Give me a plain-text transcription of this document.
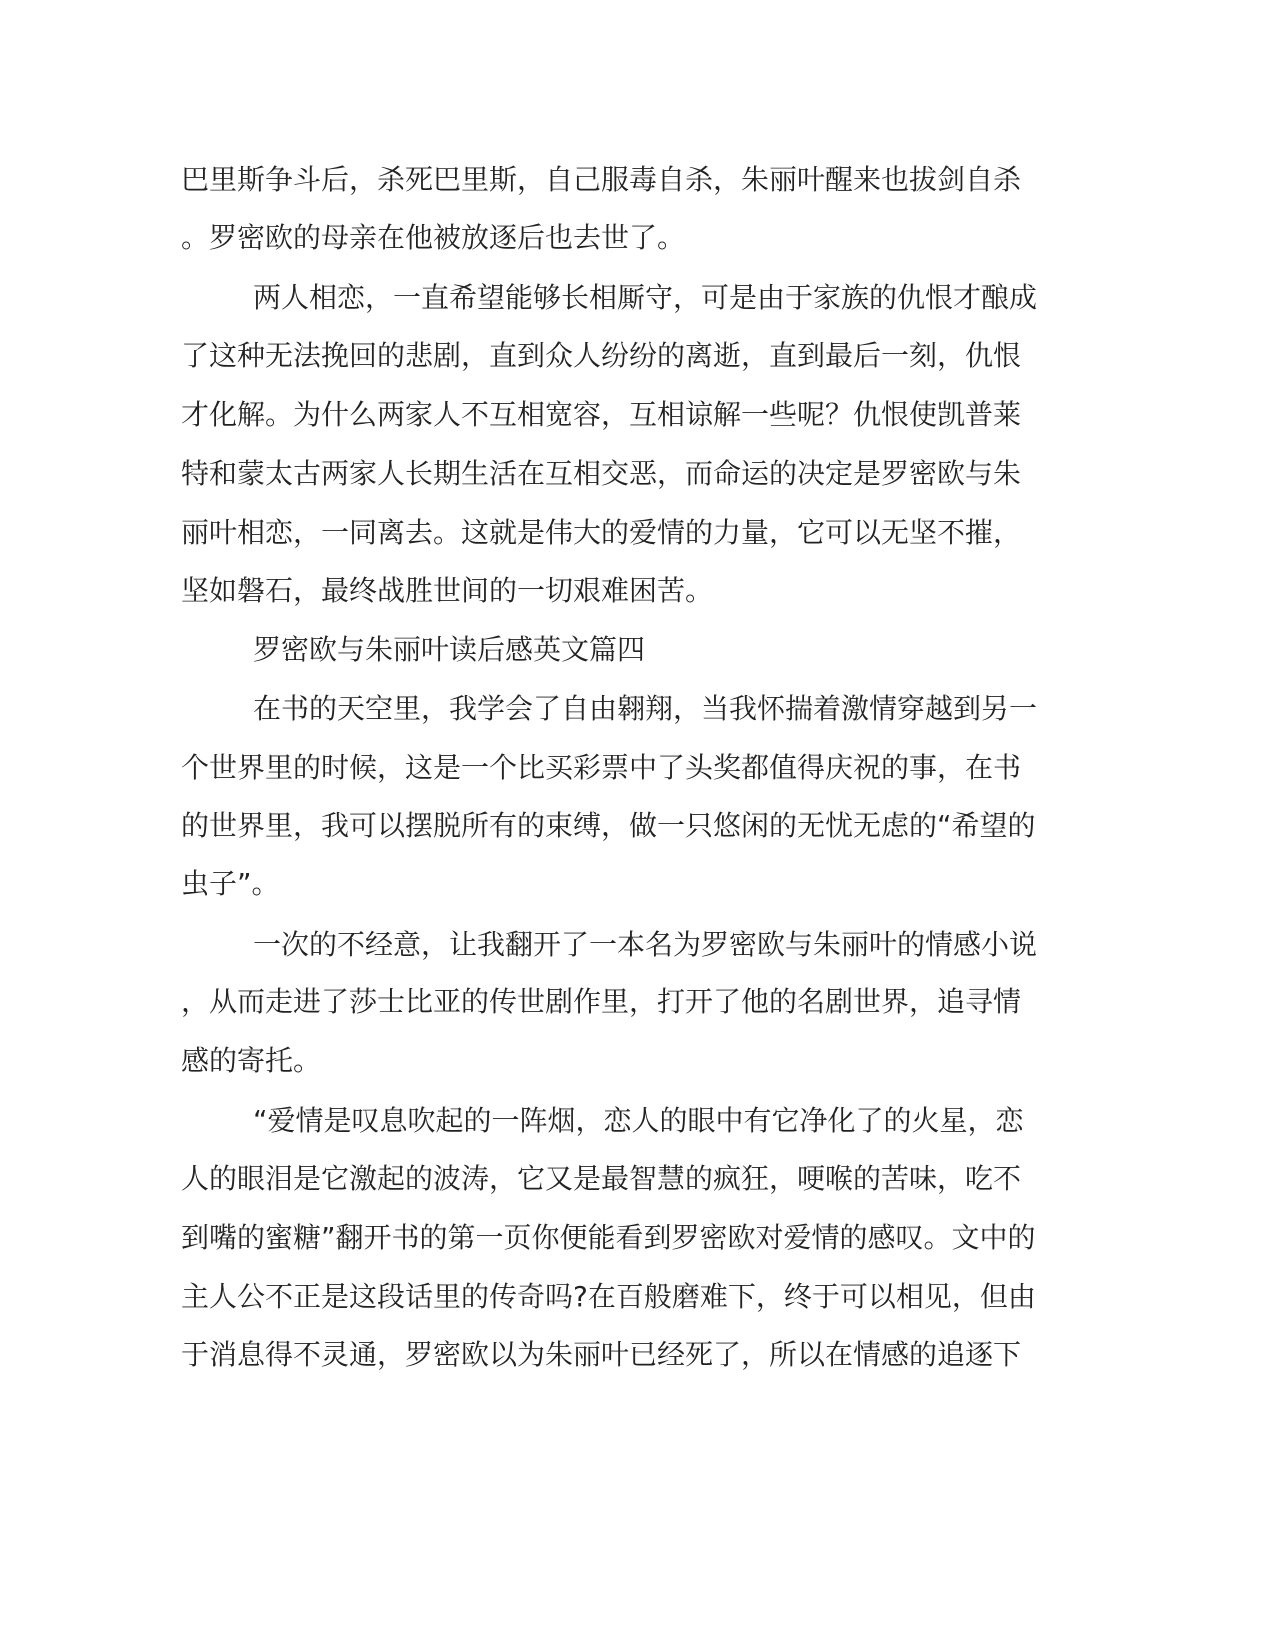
巴里斯争斗后，杀死巴里斯，自己服毒自杀，朱丽叶醒来也拔剑自杀
。罗密欧的母亲在他被放逐后也去世了。
两人相恋，一直希望能够长相厮守，可是由于家族的仇恨才酿成
了这种无法挽回的悲剧，直到众人纷纷的离逝，直到最后一刻，仇恨
才化解。为什么两家人不互相宽容，互相谅解一些呢？仇恨使凯普莱
特和蒙太古两家人长期生活在互相交恶，而命运的决定是罗密欧与朱
丽叶相恋，一同离去。这就是伟大的爱情的力量，它可以无坚不摧，
坚如磐石，最终战胜世间的一切艰难困苦。
罗密欧与朱丽叶读后感英文篇四
在书的天空里，我学会了自由翱翔，当我怀揣着激情穿越到另一
个世界里的时候，这是一个比买彩票中了头奖都值得庆祝的事，在书
的世界里，我可以摆脱所有的束缚，做一只悠闲的无忧无虑的“希望的
虫子”。
一次的不经意，让我翻开了一本名为罗密欧与朱丽叶的情感小说
，从而走进了莎士比亚的传世剧作里，打开了他的名剧世界，追寻情
感的寄托。
“爱情是叹息吹起的一阵烟，恋人的眼中有它净化了的火星，恋
人的眼泪是它激起的波涛，它又是最智慧的疯狂，哽喉的苦味，吃不
到嘴的蜜糖”翻开书的第一页你便能看到罗密欧对爱情的感叹。文中的
主人公不正是这段话里的传奇吗?在百般磨难下，终于可以相见，但由
于消息得不灵通，罗密欧以为朱丽叶已经死了，所以在情感的追逐下
